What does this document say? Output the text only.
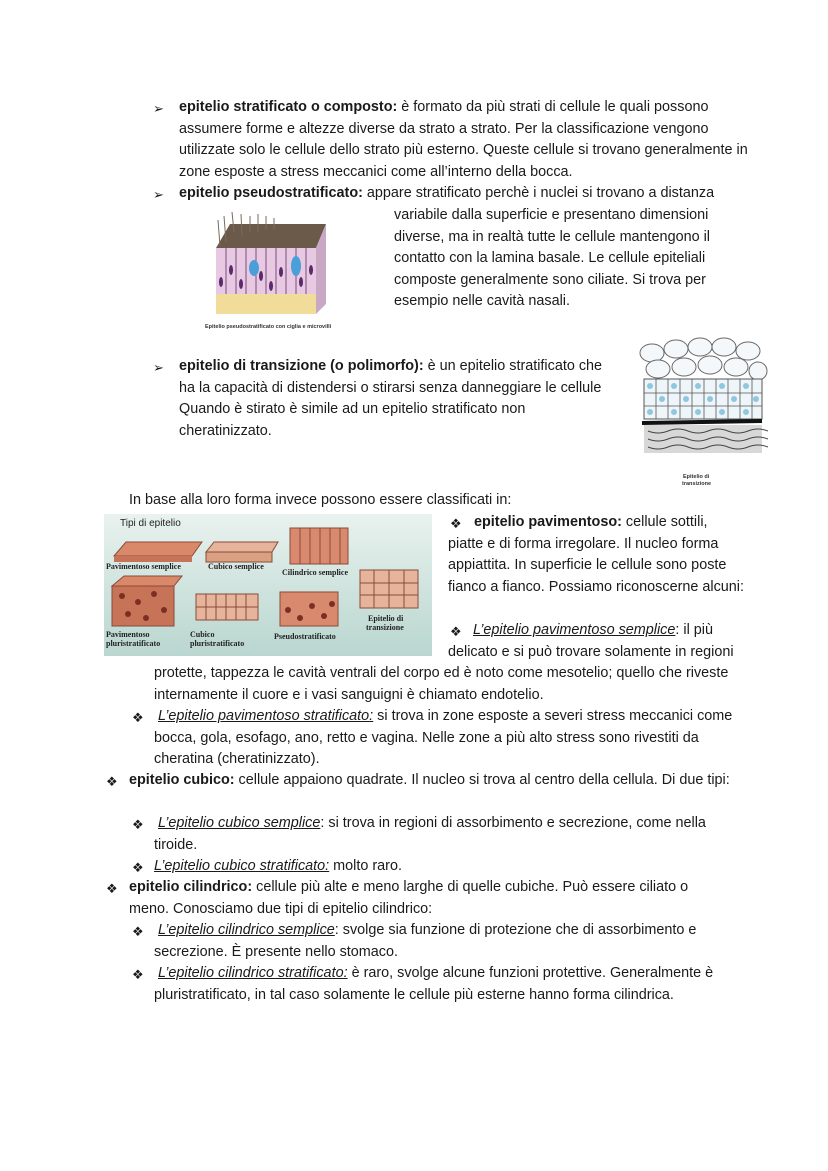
➢ epitelio stratificato o composto: è formato da più strati di cellule le quali possono assumere forme e altezze diverse da strato a strato. Per la classificazione vengono utilizzate solo le cellule dello strato più esterno. Queste cellule si trovano generalmente in zone esposte a stress meccanici come all’interno della bocca.
➢ epitelio pseudostratificato: appare stratificato perchè i nuclei si trovano a distanza
variabile dalla superficie e presentano dimensioni diverse, ma in realtà tutte le cellule mantengono il contatto con la lamina basale. Le cellule epiteliali composte generalmente sono ciliate. Si trova per esempio nelle cavità nasali.
Epitelio pseudostratificato con ciglia e microvilli
➢ epitelio di transizione (o polimorfo): è un epitelio stratificato che ha la capacità di distendersi o stirarsi senza danneggiare le cellule Quando è stirato è simile ad un epitelio stratificato non cheratinizzato.
Epitelio di
transizione
In base alla loro forma invece possono essere classificati in:
Tipi di epitelio
Pavimentoso semplice	Cubico semplice
Cilindrico semplice
Epitelio di
transizione
Pavimentoso
pluristratificato
Cubico
pluristratificato
Pseudostratificato
❖ epitelio pavimentoso: cellule sottili, piatte e di forma irregolare. Il nucleo forma appiattita. In superficie le cellule sono poste fianco a fianco. Possiamo riconoscerne alcuni:
❖ L’epitelio pavimentoso semplice: il più delicato e si può trovare solamente in regioni
protette, tappezza le cavità ventrali del corpo ed è noto come mesotelio; quello che riveste internamente il cuore e i vasi sanguigni è chiamato endotelio.
❖ L’epitelio pavimentoso stratificato: si trova in zone esposte a severi stress meccanici come bocca, gola, esofago, ano, retto e vagina. Nelle zone a più alto stress sono rivestiti da cheratina (cheratinizzato).
❖ epitelio cubico: cellule appaiono quadrate. Il nucleo si trova al centro della cellula. Di due tipi:
❖ L’epitelio cubico semplice: si trova in regioni di assorbimento e secrezione, come nella tiroide.
❖ L’epitelio cubico stratificato: molto raro.
❖ epitelio cilindrico: cellule più alte e meno larghe di quelle cubiche. Può essere ciliato o meno. Conosciamo due tipi di epitelio cilindrico:
❖ L’epitelio cilindrico semplice: svolge sia funzione di protezione che di assorbimento e secrezione. È presente nello stomaco.
❖ L’epitelio cilindrico stratificato: è raro, svolge alcune funzioni protettive. Generalmente è pluristratificato, in tal caso solamente le cellule più esterne hanno forma cilindrica.
